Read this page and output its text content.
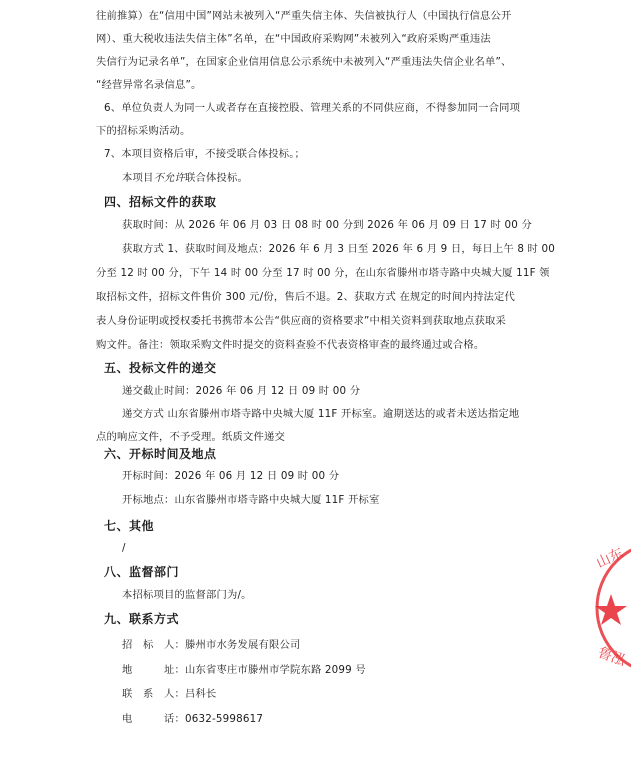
往前推算）在“信用中国”网站未被列入“严重失信主体、失信被执行人（中国执行信息公开
网）、重大税收违法失信主体”名单，在“中国政府采购网”未被列入“政府采购严重违法
失信行为记录名单”，在国家企业信用信息公示系统中未被列入“严重违法失信企业名单”、
“经营异常名录信息”。
6、单位负责人为同一人或者存在直接控股、管理关系的不同供应商，不得参加同一合同项
下的招标采购活动。
7、本项目资格后审，不接受联合体投标。；
本项目不允许联合体投标。
四、招标文件的获取
获取时间：从 2026 年 06 月 03 日 08 时 00 分到 2026 年 06 月 09 日 17 时 00 分
获取方式 1、获取时间及地点：2026 年 6 月 3 日至 2026 年 6 月 9 日，每日上午 8 时 00
分至 12 时 00 分，下午 14 时 00 分至 17 时 00 分，在山东省滕州市塔寺路中央城大厦 11F 领
取招标文件，招标文件售价 300 元/份，售后不退。2、获取方式 在规定的时间内持法定代
表人身份证明或授权委托书携带本公告“供应商的资格要求”中相关资料到获取地点获取采
购文件。备注：领取采购文件时提交的资料查验不代表资格审查的最终通过或合格。
五、投标文件的递交
递交截止时间：2026 年 06 月 12 日 09 时 00 分
递交方式 山东省滕州市塔寺路中央城大厦 11F 开标室。逾期送达的或者未送达指定地
点的响应文件，不予受理。纸质文件递交
六、开标时间及地点
开标时间：2026 年 06 月 12 日 09 时 00 分
开标地点：山东省滕州市塔寺路中央城大厦 11F 开标室
七、其他
/
八、监督部门
本招标项目的监督部门为/。
九、联系方式
招　标　人：滕州市水务发展有限公司
地　　　址：山东省枣庄市滕州市学院东路 2099 号
联　系　人：吕科长
电　　　话：0632-5998617
山东
鲁泓
